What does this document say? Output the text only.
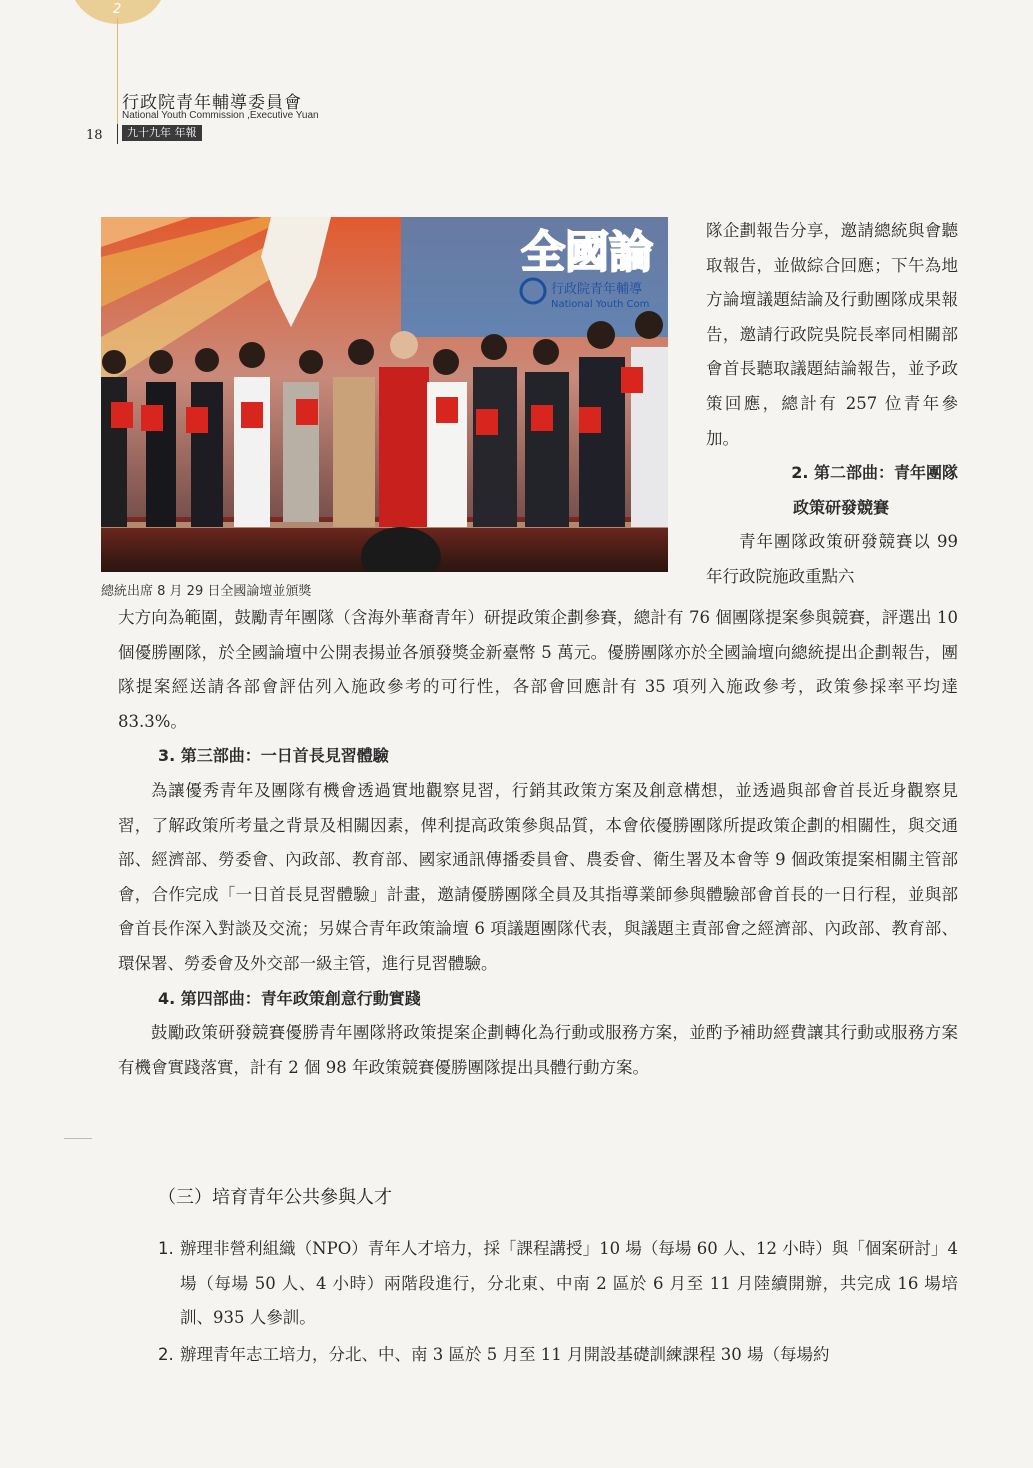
2
行政院青年輔導委員會
National Youth Commission ,Executive Yuan
九十九年 年報
18
全國論
行政院青年輔導
National Youth Com
總統出席 8 月 29 日全國論壇並頒獎

隊企劃報告分享，邀請總統與會聽取報告，並做綜合回應；下午為地方論壇議題結論及行動團隊成果報告，邀請行政院吳院長率同相關部會首長聽取議題結論報告，並予政策回應，總計有 257 位青年參加。

2. 第二部曲：青年團隊

政策研發競賽

青年團隊政策研發競賽以 99 年行政院施政重點六

大方向為範圍，鼓勵青年團隊（含海外華裔青年）研提政策企劃參賽，總計有 76 個團隊提案參與競賽，評選出 10 個優勝團隊，於全國論壇中公開表揚並各頒發獎金新臺幣 5 萬元。優勝團隊亦於全國論壇向總統提出企劃報告，團隊提案經送請各部會評估列入施政參考的可行性，各部會回應計有 35 項列入施政參考，政策參採率平均達 83.3%。

3. 第三部曲：一日首長見習體驗

為讓優秀青年及團隊有機會透過實地觀察見習，行銷其政策方案及創意構想，並透過與部會首長近身觀察見習，了解政策所考量之背景及相關因素，俾利提高政策參與品質，本會依優勝團隊所提政策企劃的相關性，與交通部、經濟部、勞委會、內政部、教育部、國家通訊傳播委員會、農委會、衛生署及本會等 9 個政策提案相關主管部會，合作完成「一日首長見習體驗」計畫，邀請優勝團隊全員及其指導業師參與體驗部會首長的一日行程，並與部會首長作深入對談及交流；另媒合青年政策論壇 6 項議題團隊代表，與議題主責部會之經濟部、內政部、教育部、環保署、勞委會及外交部一級主管，進行見習體驗。

4. 第四部曲：青年政策創意行動實踐

鼓勵政策研發競賽優勝青年團隊將政策提案企劃轉化為行動或服務方案，並酌予補助經費讓其行動或服務方案有機會實踐落實，計有 2 個 98 年政策競賽優勝團隊提出具體行動方案。

（三）培育青年公共參與人才
1. 辦理非營利組織（NPO）青年人才培力，採「課程講授」10 場（每場 60 人、12 小時）與「個案研討」4 場（每場 50 人、4 小時）兩階段進行，分北東、中南 2 區於 6 月至 11 月陸續開辦，共完成 16 場培訓、935 人參訓。
2. 辦理青年志工培力，分北、中、南 3 區於 5 月至 11 月開設基礎訓練課程 30 場（每場約
